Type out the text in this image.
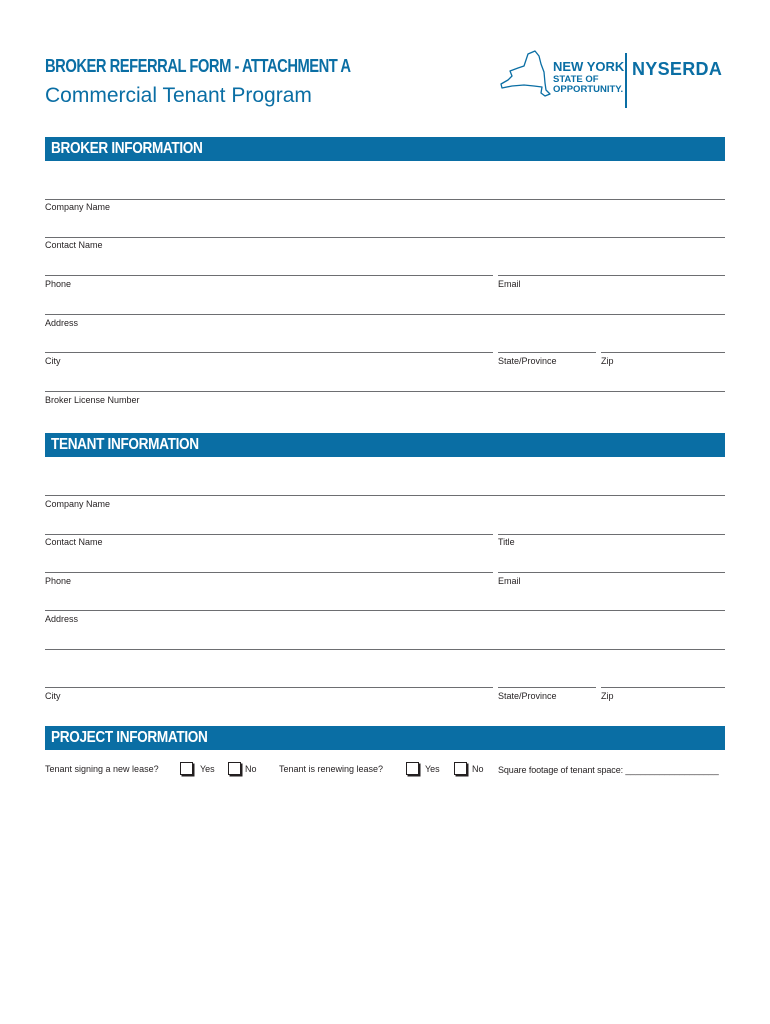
BROKER REFERRAL FORM - ATTACHMENT A
Commercial Tenant Program
NEW YORK
STATE OF
OPPORTUNITY.
NYSERDA
BROKER INFORMATION
Company Name
Contact Name
Phone	Email
Address
City	State/Province	Zip
Broker License Number
TENANT INFORMATION
Company Name
Contact Name	Title
Phone	Email
Address
City	State/Province	Zip
PROJECT INFORMATION
Tenant signing a new lease?	Yes	No Tenant is renewing lease?	Yes	No Square footage of tenant space: ___________________
